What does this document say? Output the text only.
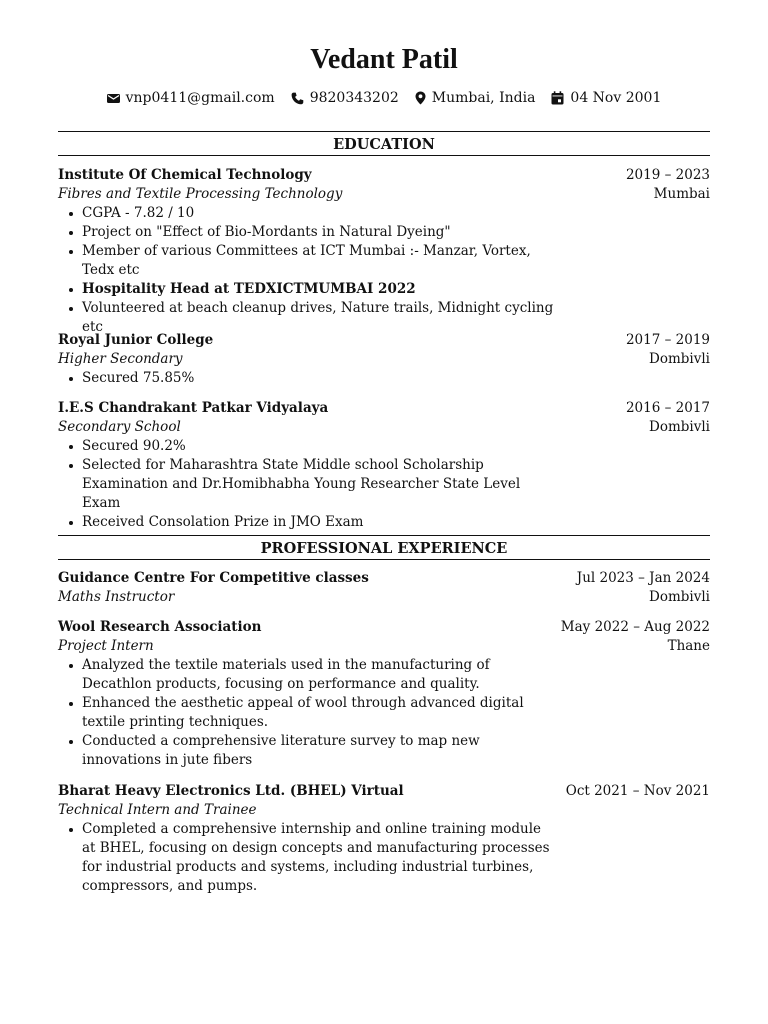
Vedant Patil
vnp0411@gmail.com	9820343202 Mumbai, India	04 Nov 2001
EDUCATION
Institute Of Chemical Technology	2019 – 2023
Fibres and Textile Processing Technology	Mumbai
CGPA - 7.82 / 10
Project on "Effect of Bio-Mordants in Natural Dyeing"
Member of various Committees at ICT Mumbai :- Manzar, Vortex, Tedx etc
Hospitality Head at TEDXICTMUMBAI 2022
Volunteered at beach cleanup drives, Nature trails, Midnight cycling etc
Royal Junior College	2017 – 2019
Higher Secondary	Dombivli
Secured 75.85%
I.E.S Chandrakant Patkar Vidyalaya	2016 – 2017
Secondary School	Dombivli
Secured 90.2%
Selected for Maharashtra State Middle school Scholarship Examination and Dr.Homibhabha Young Researcher State Level Exam
Received Consolation Prize in JMO Exam
PROFESSIONAL EXPERIENCE
Guidance Centre For Competitive classes	Jul 2023 – Jan 2024
Maths Instructor	Dombivli
Wool Research Association	May 2022 – Aug 2022
Project Intern	Thane
Analyzed the textile materials used in the manufacturing of Decathlon products, focusing on performance and quality.
Enhanced the aesthetic appeal of wool through advanced digital textile printing techniques.
Conducted a comprehensive literature survey to map new innovations in jute fibers
Bharat Heavy Electronics Ltd. (BHEL) Virtual	Oct 2021 – Nov 2021
Technical Intern and Trainee
Completed a comprehensive internship and online training module at BHEL, focusing on design concepts and manufacturing processes for industrial products and systems, including industrial turbines, compressors, and pumps.
